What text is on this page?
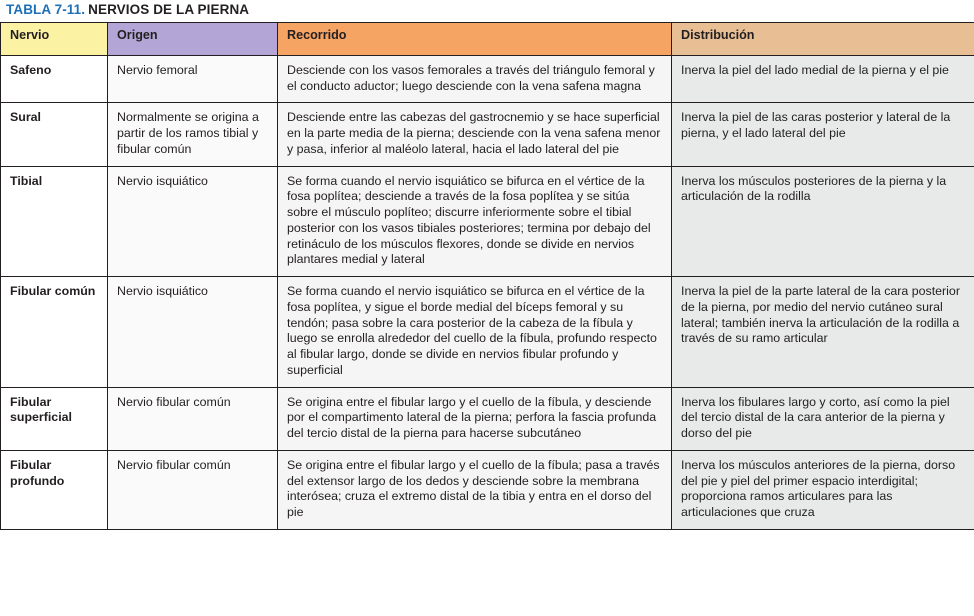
TABLA 7-11. NERVIOS DE LA PIERNA
Nervio	Origen	Recorrido	Distribución
Safeno	Nervio femoral	Desciende con los vasos femorales a través del triángulo femoral y el conducto aductor; luego desciende con la vena safena magna	Inerva la piel del lado medial de la pierna y el pie
Sural	Normalmente se origina a partir de los ramos tibial y fibular común	Desciende entre las cabezas del gastrocnemio y se hace superficial en la parte media de la pierna; desciende con la vena safena menor y pasa, inferior al maléolo lateral, hacia el lado lateral del pie	Inerva la piel de las caras posterior y lateral de la pierna, y el lado lateral del pie
Tibial	Nervio isquiático	Se forma cuando el nervio isquiático se bifurca en el vértice de la fosa poplítea; desciende a través de la fosa poplítea y se sitúa sobre el músculo poplíteo; discurre inferiormente sobre el tibial posterior con los vasos tibiales posteriores; termina por debajo del retináculo de los músculos flexores, donde se divide en nervios plantares medial y lateral	Inerva los músculos posteriores de la pierna y la articulación de la rodilla
Fibular común	Nervio isquiático	Se forma cuando el nervio isquiático se bifurca en el vértice de la fosa poplítea, y sigue el borde medial del bíceps femoral y su tendón; pasa sobre la cara posterior de la cabeza de la fíbula y luego se enrolla alrededor del cuello de la fíbula, profundo respecto al fibular largo, donde se divide en nervios fibular profundo y superficial	Inerva la piel de la parte lateral de la cara posterior de la pierna, por medio del nervio cutáneo sural lateral; también inerva la articulación de la rodilla a través de su ramo articular
Fibular superficial	Nervio fibular común	Se origina entre el fibular largo y el cuello de la fíbula, y desciende por el compartimento lateral de la pierna; perfora la fascia profunda del tercio distal de la pierna para hacerse subcutáneo	Inerva los fibulares largo y corto, así como la piel del tercio distal de la cara anterior de la pierna y dorso del pie
Fibular profundo	Nervio fibular común	Se origina entre el fibular largo y el cuello de la fíbula; pasa a través del extensor largo de los dedos y desciende sobre la membrana interósea; cruza el extremo distal de la tibia y entra en el dorso del pie	Inerva los músculos anteriores de la pierna, dorso del pie y piel del primer espacio interdigital; proporciona ramos articulares para las articulaciones que cruza
